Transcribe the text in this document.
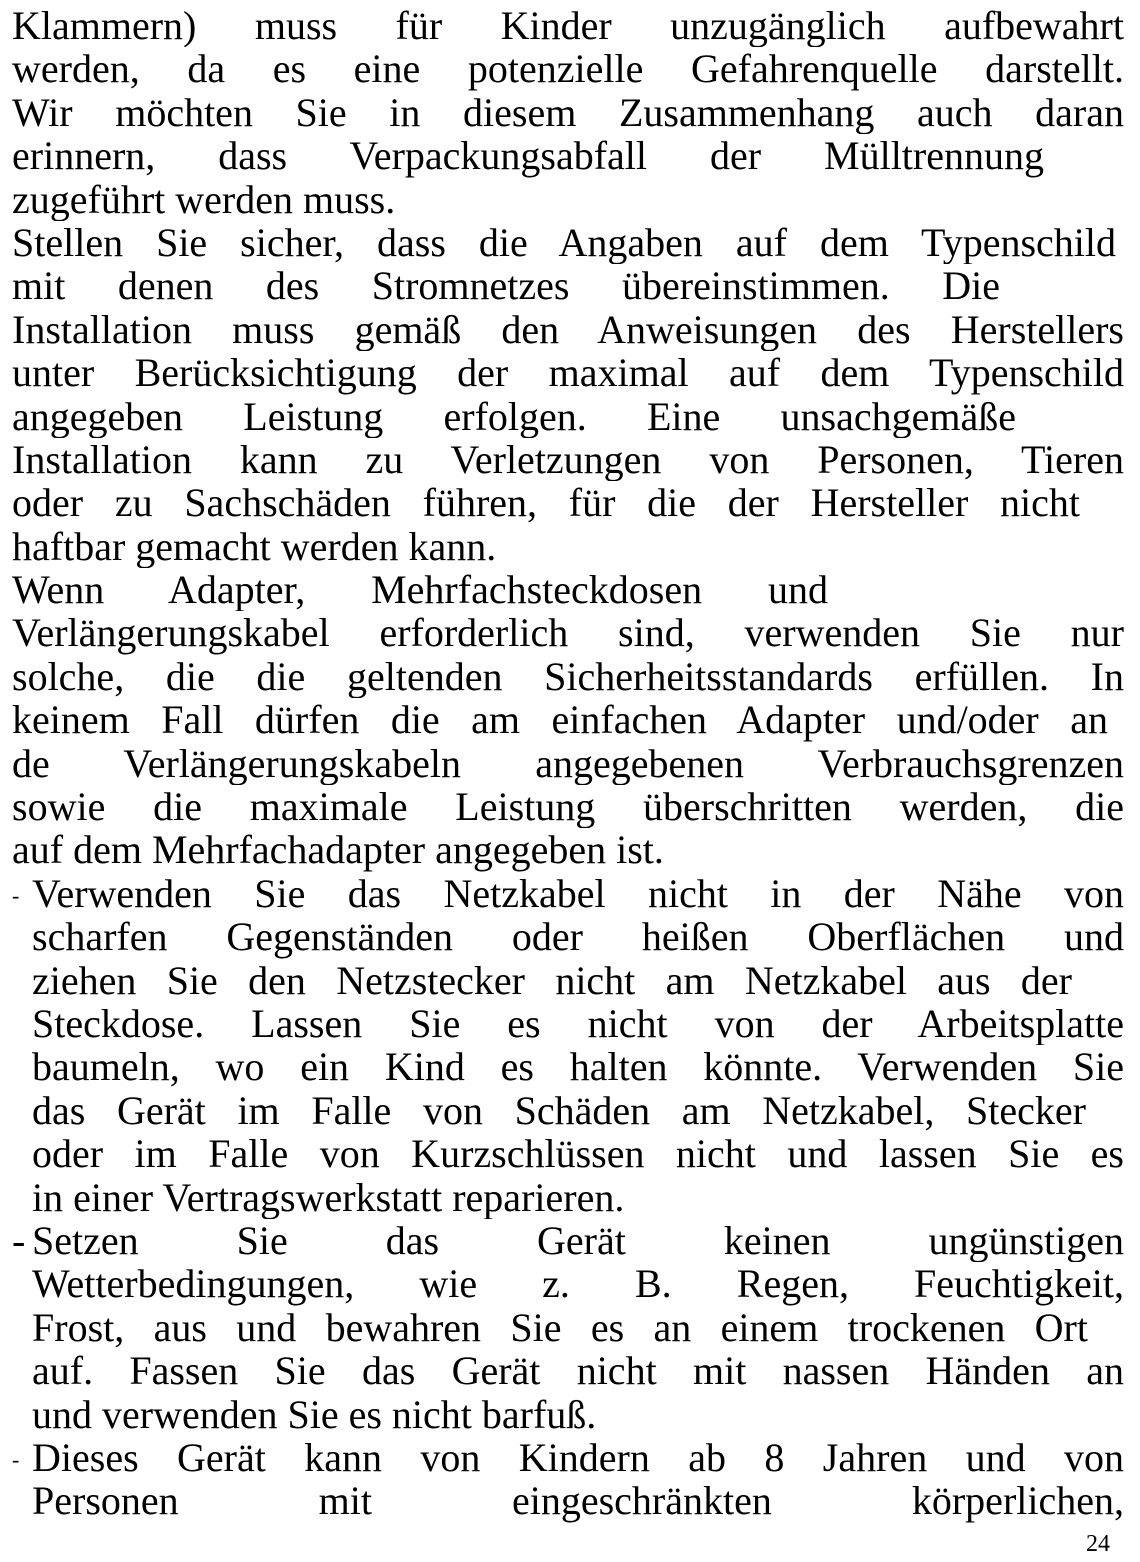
Klammern) muss für Kinder unzugänglich aufbewahrt
werden, da es eine potenzielle Gefahrenquelle darstellt.
Wir möchten Sie in diesem Zusammenhang auch daran
erinnern, dass Verpackungsabfall der Mülltrennung
zugeführt werden muss.
Stellen Sie sicher, dass die Angaben auf dem Typenschild
mit denen des Stromnetzes übereinstimmen. Die
Installation muss gemäß den Anweisungen des Herstellers
unter Berücksichtigung der maximal auf dem Typenschild
angegeben Leistung erfolgen. Eine unsachgemäße
Installation kann zu Verletzungen von Personen, Tieren
oder zu Sachschäden führen, für die der Hersteller nicht
haftbar gemacht werden kann.
Wenn Adapter, Mehrfachsteckdosen und
Verlängerungskabel erforderlich sind, verwenden Sie nur
solche, die die geltenden Sicherheitsstandards erfüllen. In
keinem Fall dürfen die am einfachen Adapter und/oder an
de Verlängerungskabeln angegebenen Verbrauchsgrenzen
sowie die maximale Leistung überschritten werden, die
auf dem Mehrfachadapter angegeben ist.
- Verwenden Sie das Netzkabel nicht in der Nähe von
scharfen Gegenständen oder heißen Oberflächen und
ziehen Sie den Netzstecker nicht am Netzkabel aus der
Steckdose. Lassen Sie es nicht von der Arbeitsplatte
baumeln, wo ein Kind es halten könnte. Verwenden Sie
das Gerät im Falle von Schäden am Netzkabel, Stecker
oder im Falle von Kurzschlüssen nicht und lassen Sie es
in einer Vertragswerkstatt reparieren.
- Setzen Sie das Gerät keinen ungünstigen
Wetterbedingungen, wie z. B. Regen, Feuchtigkeit,
Frost, aus und bewahren Sie es an einem trockenen Ort
auf. Fassen Sie das Gerät nicht mit nassen Händen an
und verwenden Sie es nicht barfuß.
- Dieses Gerät kann von Kindern ab 8 Jahren und von
Personen mit eingeschränkten körperlichen,
24
